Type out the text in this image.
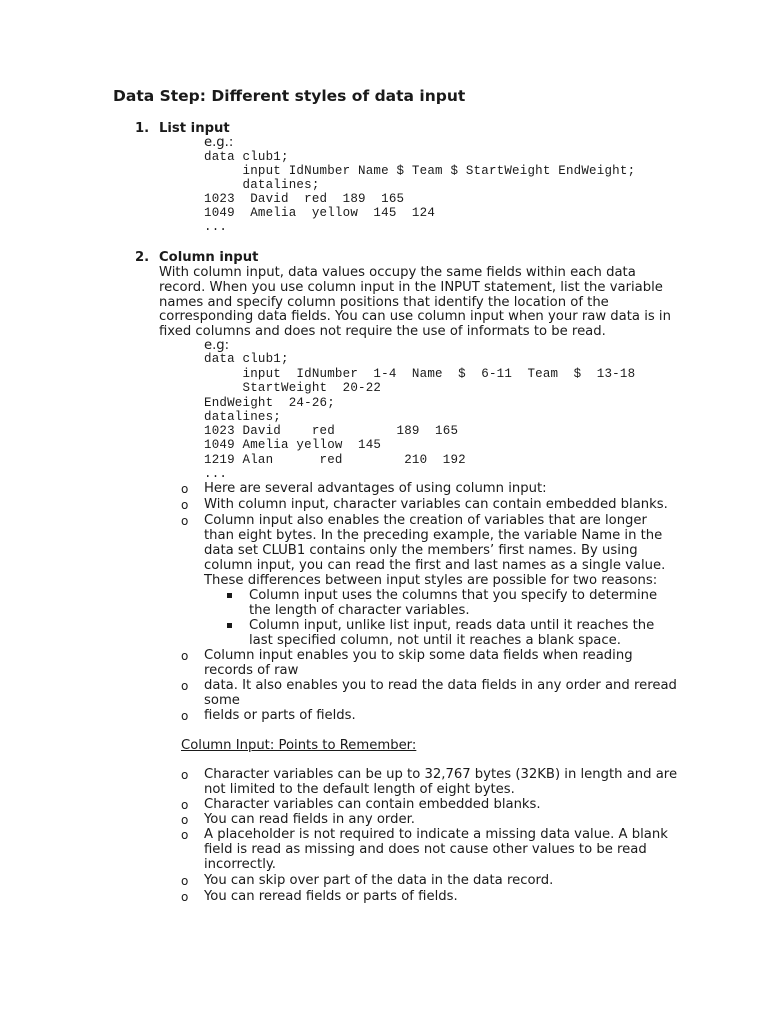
Data Step: Different styles of data input
1. List input
e.g.:
data club1;
input IdNumber Name $ Team $ StartWeight EndWeight;
datalines;
1023  David  red  189  165
1049  Amelia  yellow  145  124
...
2. Column input
With column input, data values occupy the same fields within each data
record. When you use column input in the INPUT statement, list the variable
names and specify column positions that identify the location of the
corresponding data fields. You can use column input when your raw data is in
fixed columns and does not require the use of informats to be read.
e.g:
data club1;
input  IdNumber  1-4  Name  $  6-11  Team  $  13-18
StartWeight  20-22
EndWeight  24-26;
datalines;
1023 David    red        189  165
1049 Amelia yellow  145
1219 Alan      red        210  192
...
o Here are several advantages of using column input:
o With column input, character variables can contain embedded blanks.
o Column input also enables the creation of variables that are longer
than eight bytes. In the preceding example, the variable Name in the
data set CLUB1 contains only the members’ first names. By using
column input, you can read the first and last names as a single value.
These differences between input styles are possible for two reasons:
Column input uses the columns that you specify to determine
the length of character variables.
Column input, unlike list input, reads data until it reaches the
last specified column, not until it reaches a blank space.
o Column input enables you to skip some data fields when reading
records of raw
o data. It also enables you to read the data fields in any order and reread
some
o fields or parts of fields.
Column Input: Points to Remember:
o Character variables can be up to 32,767 bytes (32KB) in length and are
not limited to the default length of eight bytes.
o Character variables can contain embedded blanks.
o You can read fields in any order.
o A placeholder is not required to indicate a missing data value. A blank
field is read as missing and does not cause other values to be read
incorrectly.
o You can skip over part of the data in the data record.
o You can reread fields or parts of fields.
